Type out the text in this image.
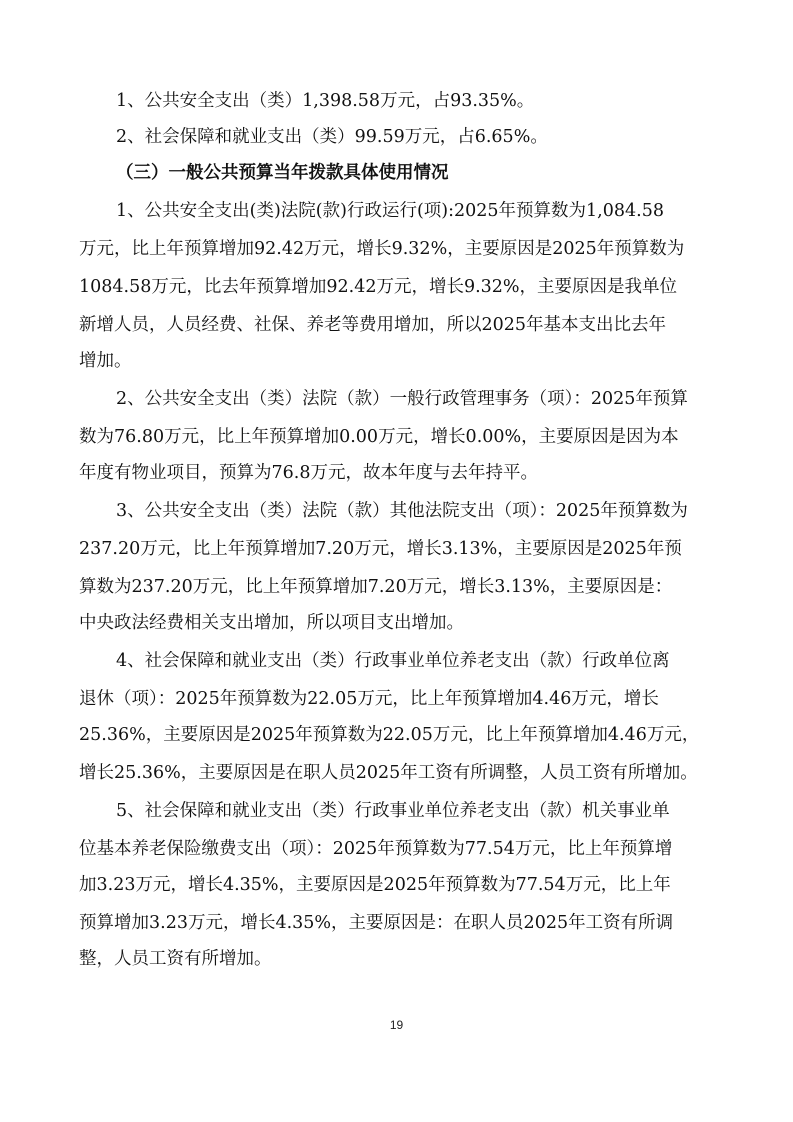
1、公共安全支出（类）1,398.58万元，占93.35%。

2、社会保障和就业支出（类）99.59万元，占6.65%。

（三）一般公共预算当年拨款具体使用情况

1、公共安全支出(类)法院(款)行政运行(项):2025年预算数为1,084.58

万元，比上年预算增加92.42万元，增长9.32%，主要原因是2025年预算数为

1084.58万元，比去年预算增加92.42万元，增长9.32%，主要原因是我单位

新增人员，人员经费、社保、养老等费用增加，所以2025年基本支出比去年

增加。

2、公共安全支出（类）法院（款）一般行政管理事务（项）：2025年预算

数为76.80万元，比上年预算增加0.00万元，增长0.00%，主要原因是因为本

年度有物业项目，预算为76.8万元，故本年度与去年持平。

3、公共安全支出（类）法院（款）其他法院支出（项）：2025年预算数为

237.20万元，比上年预算增加7.20万元，增长3.13%，主要原因是2025年预

算数为237.20万元，比上年预算增加7.20万元，增长3.13%，主要原因是：

中央政法经费相关支出增加，所以项目支出增加。

4、社会保障和就业支出（类）行政事业单位养老支出（款）行政单位离

退休（项）：2025年预算数为22.05万元，比上年预算增加4.46万元，增长

25.36%，主要原因是2025年预算数为22.05万元，比上年预算增加4.46万元，

增长25.36%，主要原因是在职人员2025年工资有所调整，人员工资有所增加。

5、社会保障和就业支出（类）行政事业单位养老支出（款）机关事业单

位基本养老保险缴费支出（项）：2025年预算数为77.54万元，比上年预算增

加3.23万元，增长4.35%，主要原因是2025年预算数为77.54万元，比上年

预算增加3.23万元，增长4.35%，主要原因是：在职人员2025年工资有所调

整，人员工资有所增加。

19
